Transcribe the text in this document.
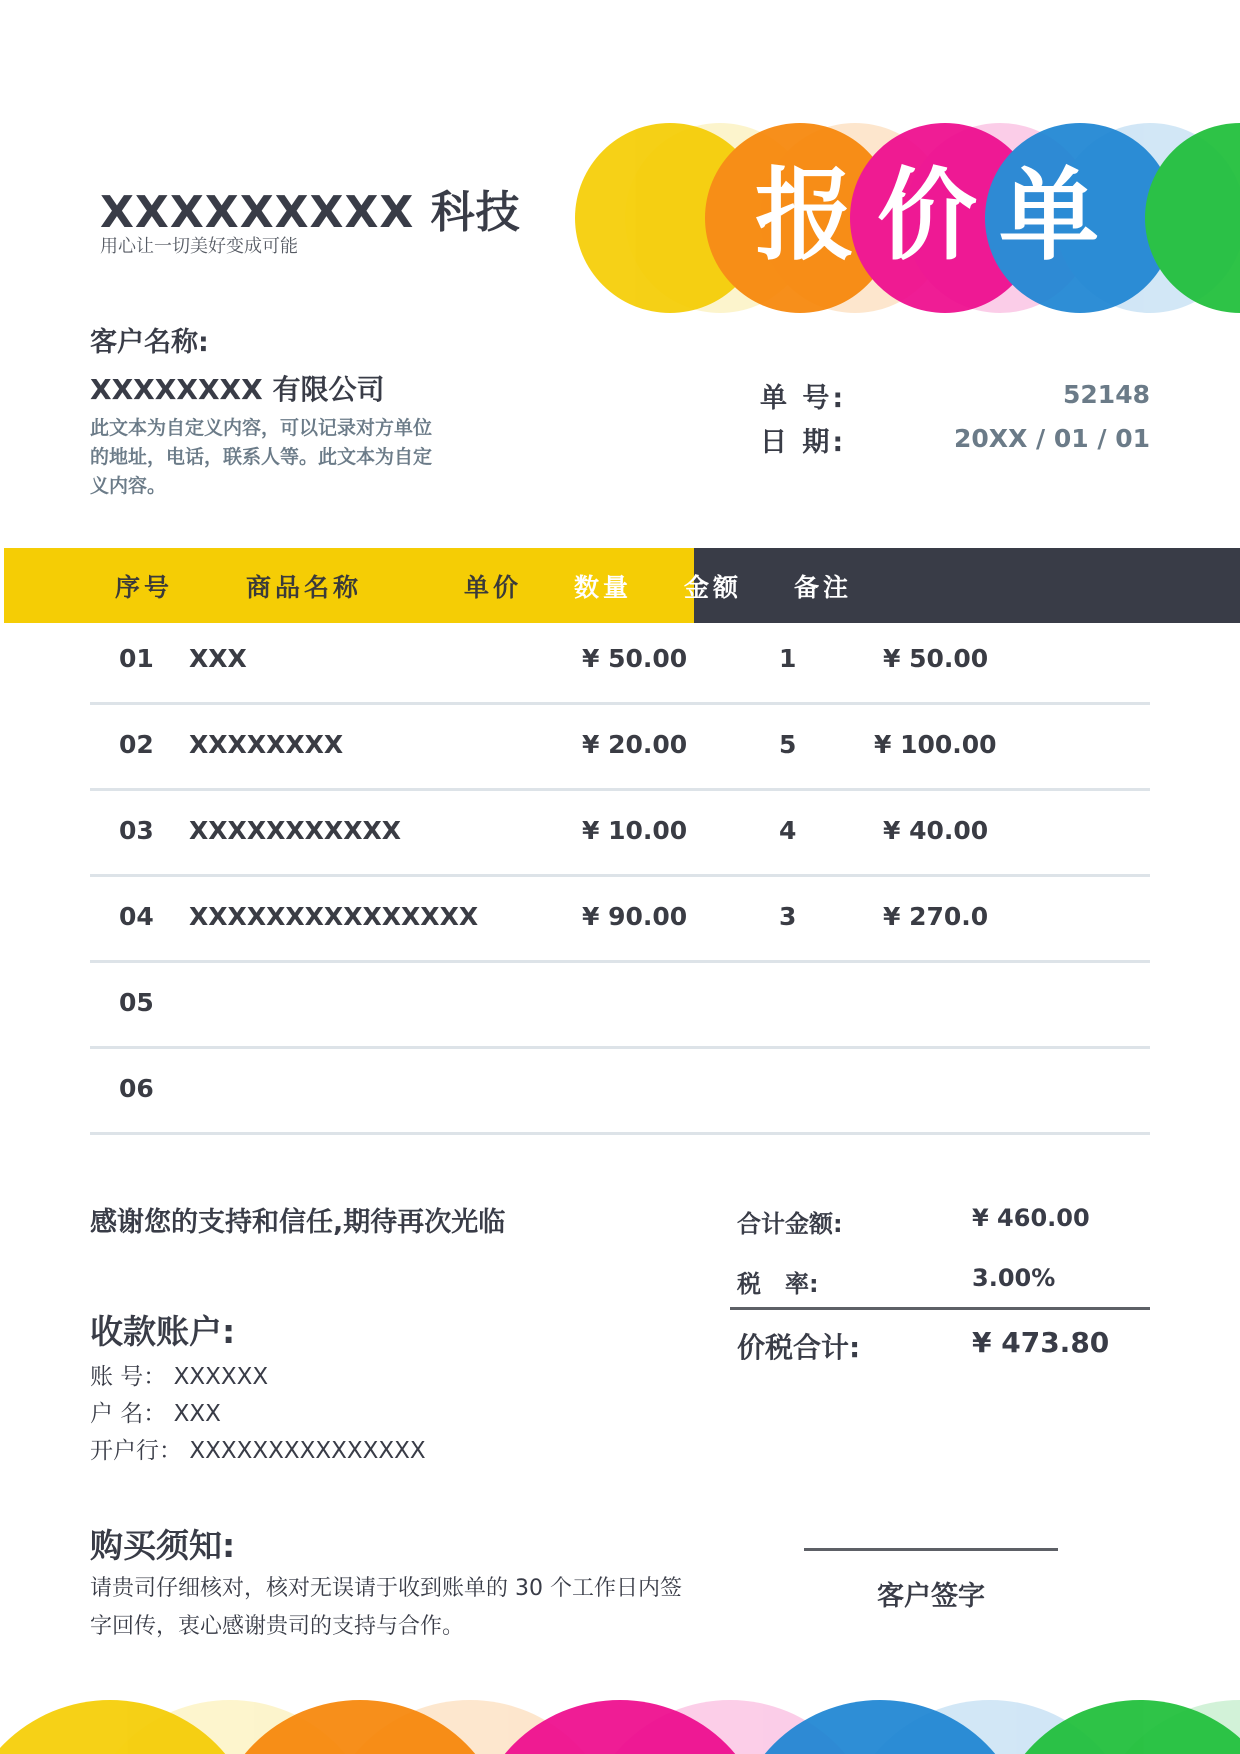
XXXXXXXXX 科技
用心让一切美好变成可能	报价单
客户名称:
XXXXXXXX 有限公司
此文本为自定义内容，可以记录对方单位的地址，电话，联系人等。此文本为自定义内容。
单 号:	52148
日 期:	20XX / 01 / 01
序号	商品名称	单价 数量 金额 备注
01 XXX	¥ 50.00	1	¥ 50.00
02 XXXXXXXX	¥ 20.00	5	¥ 100.00
03 XXXXXXXXXXX	¥ 10.00	4	¥ 40.00
04 XXXXXXXXXXXXXXX	¥ 90.00	3	¥ 270.0
05
06
感谢您的支持和信任,期待再次光临
收款账户:
账 号： XXXXXX
户 名： XXX
开户行： XXXXXXXXXXXXXXX
购买须知:
请贵司仔细核对，核对无误请于收到账单的 30 个工作日内签字回传，衷心感谢贵司的支持与合作。
合计金额:	¥ 460.00
税　率:	3.00%
价税合计:	¥ 473.80
客户签字
